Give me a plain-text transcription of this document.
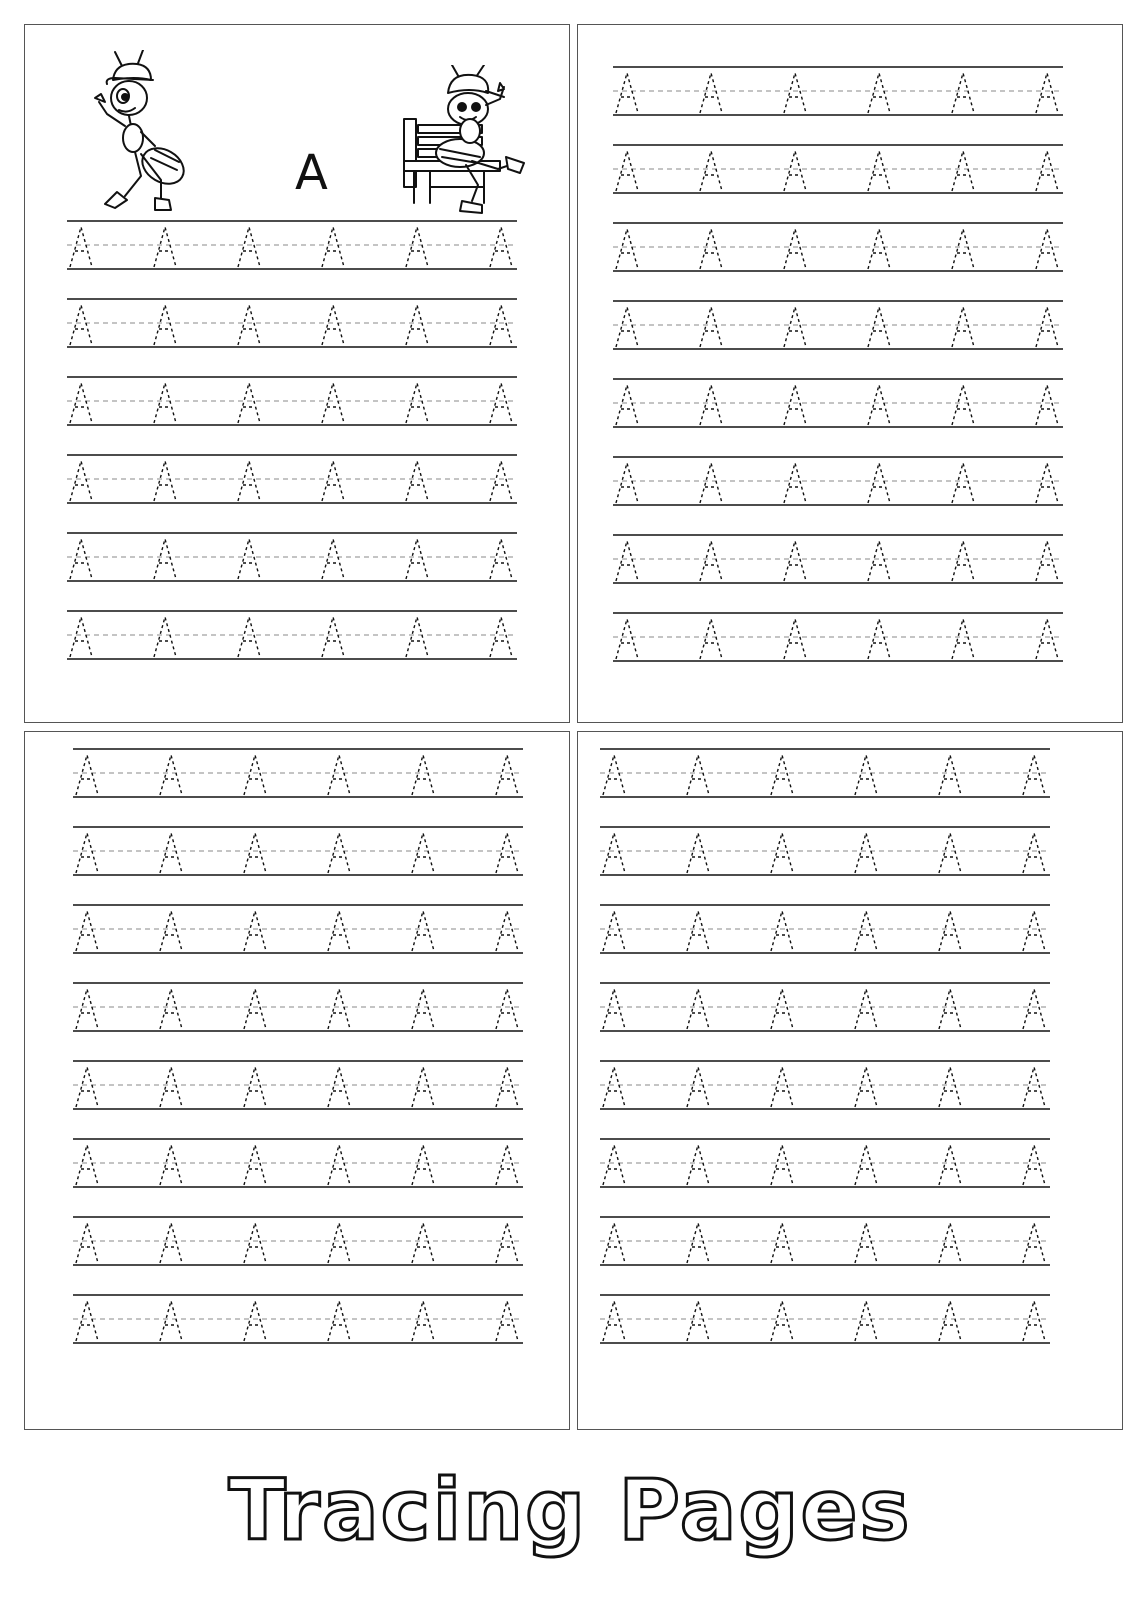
A
Tracing Pages
